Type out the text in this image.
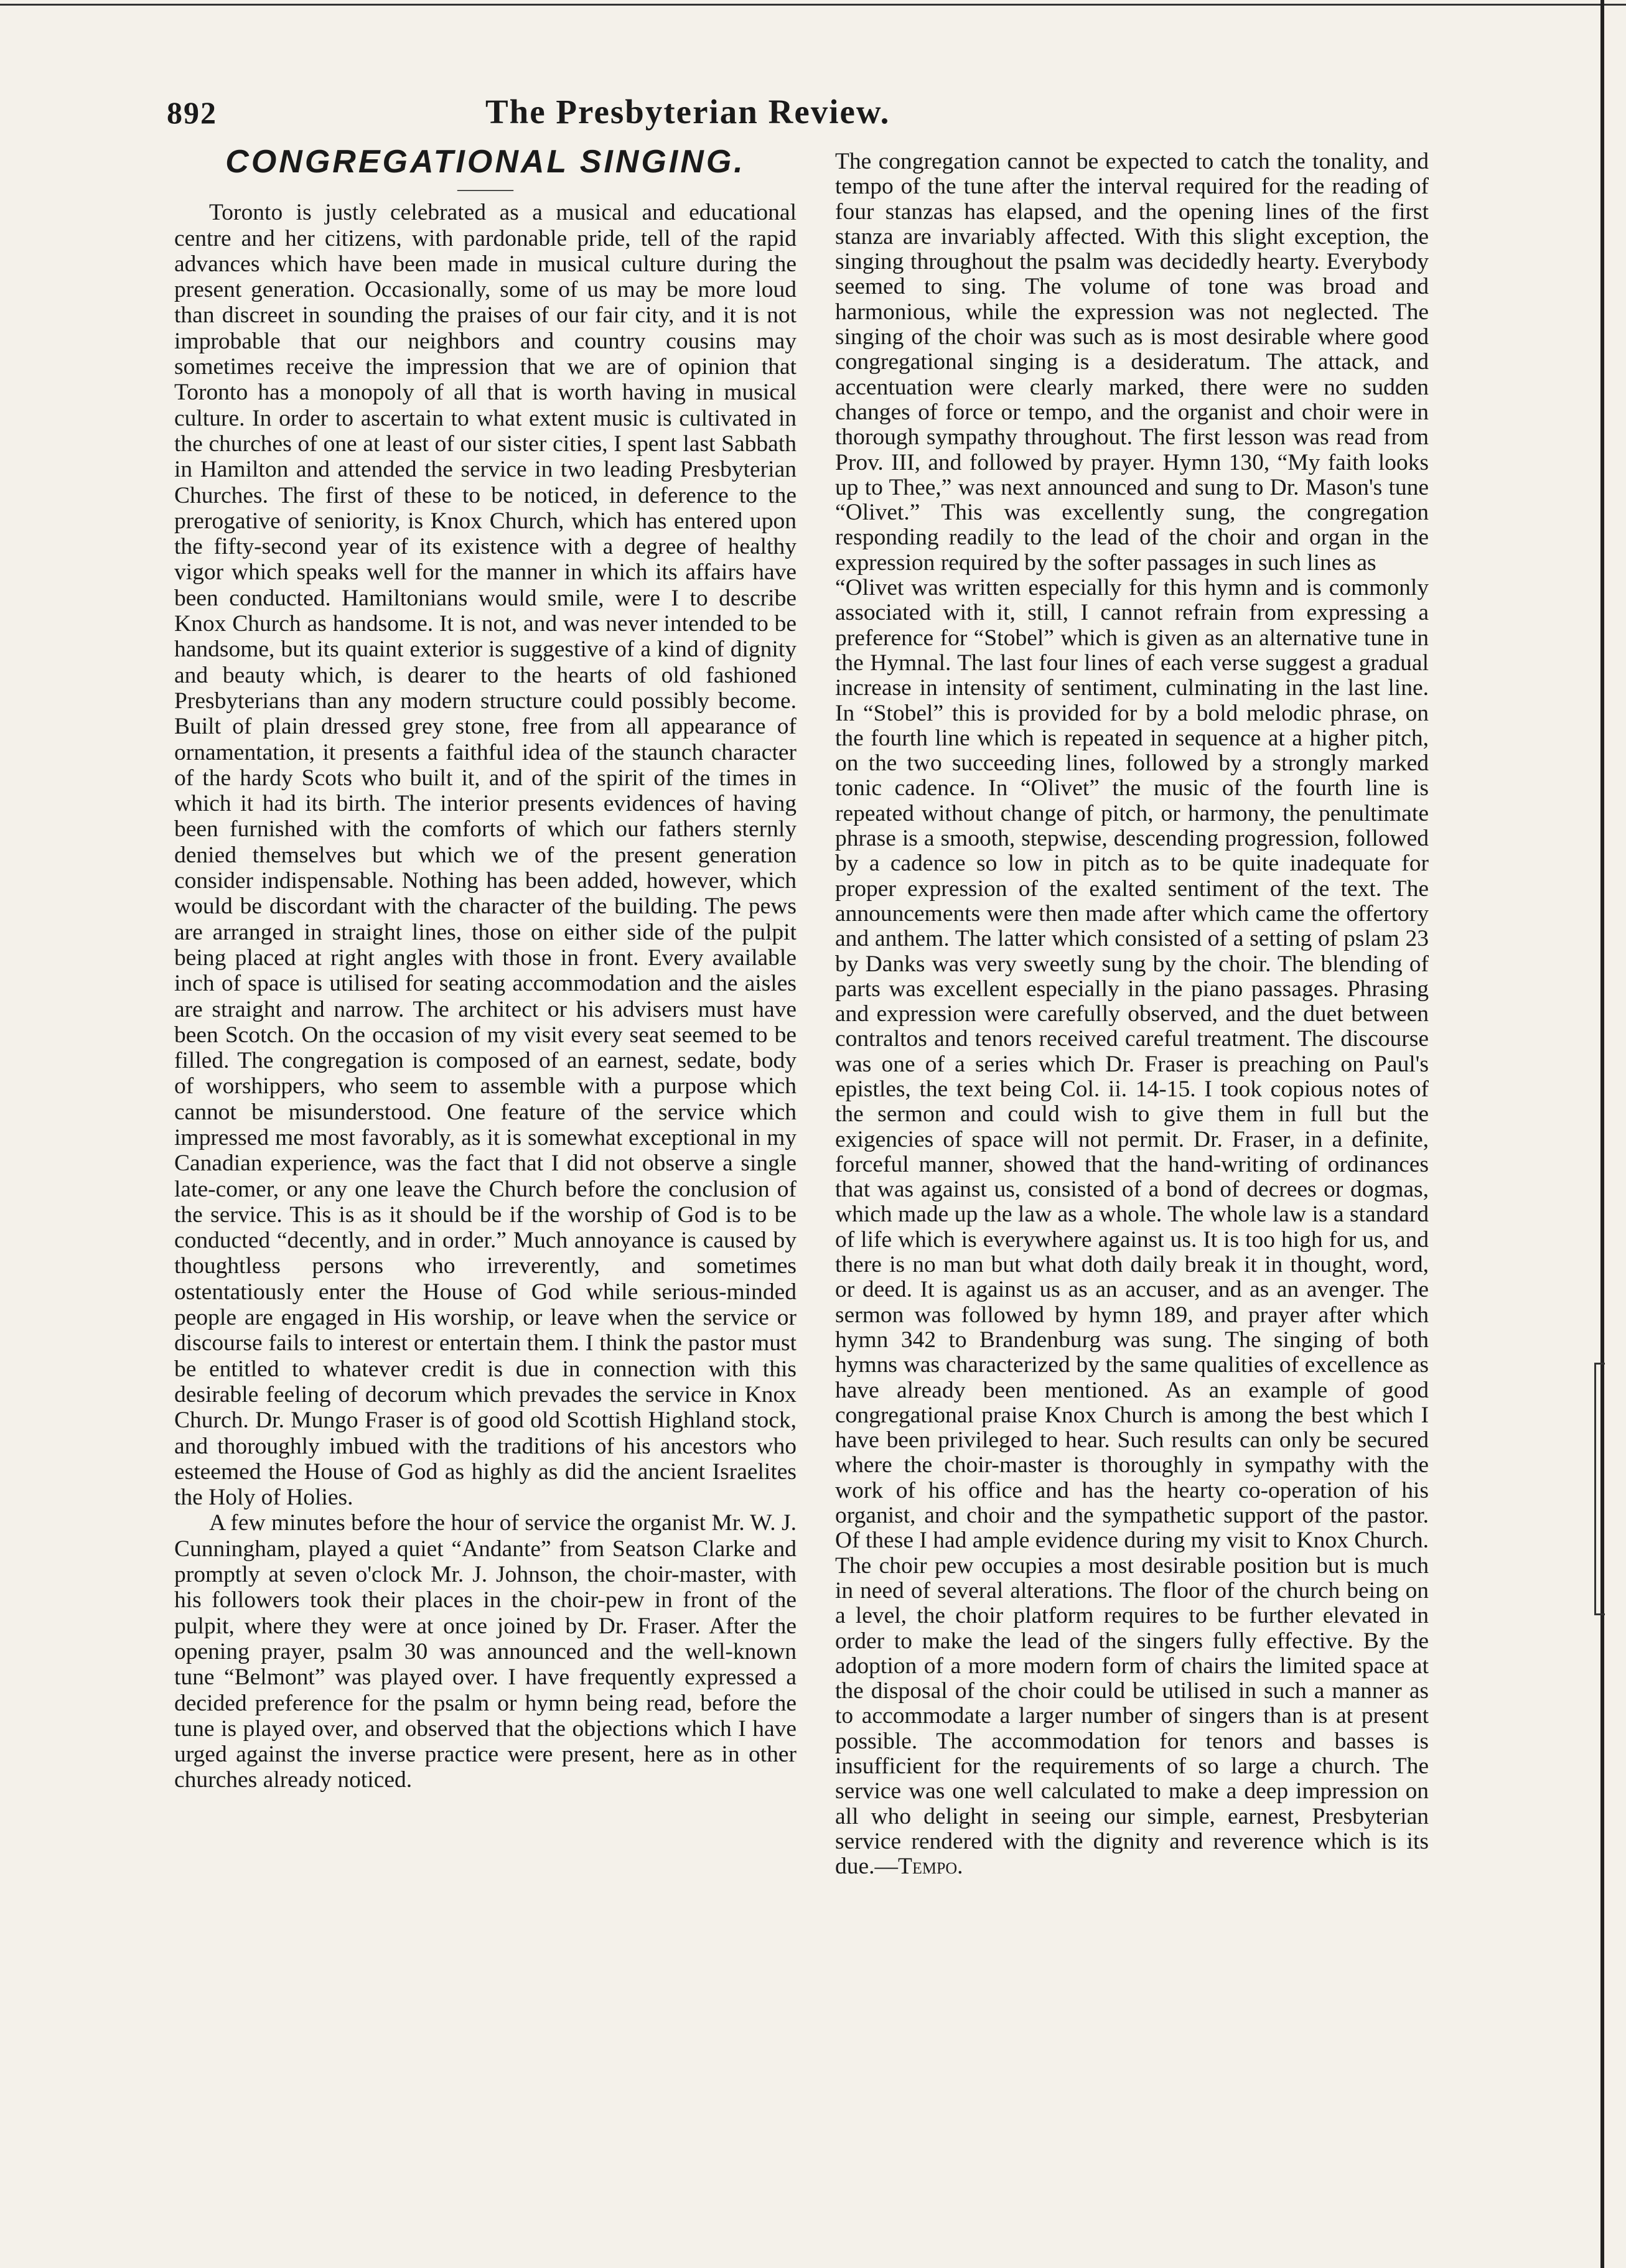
892	The Presbyterian Review.
CONGREGATIONAL SINGING.
———

Toronto is justly celebrated as a musical and educational centre and her citizens, with pardonable pride, tell of the rapid advances which have been made in musical culture during the present generation. Occasionally, some of us may be more loud than discreet in sounding the praises of our fair city, and it is not improbable that our neighbors and country cousins may sometimes receive the impression that we are of opinion that Toronto has a monopoly of all that is worth having in musical culture. In order to ascertain to what extent music is cultivated in the churches of one at least of our sister cities, I spent last Sabbath in Hamilton and attended the service in two leading Presbyterian Churches. The first of these to be noticed, in deference to the prerogative of seniority, is Knox Church, which has entered upon the fifty-second year of its existence with a degree of healthy vigor which speaks well for the manner in which its affairs have been conducted. Hamiltonians would smile, were I to describe Knox Church as handsome. It is not, and was never intended to be handsome, but its quaint exterior is suggestive of a kind of dignity and beauty which, is dearer to the hearts of old fashioned Presbyterians than any modern structure could possibly become. Built of plain dressed grey stone, free from all appearance of ornamentation, it presents a faithful idea of the staunch character of the hardy Scots who built it, and of the spirit of the times in which it had its birth. The interior presents evidences of having been furnished with the comforts of which our fathers sternly denied themselves but which we of the present generation consider indispensable. Nothing has been added, however, which would be discordant with the character of the building. The pews are arranged in straight lines, those on either side of the pulpit being placed at right angles with those in front. Every available inch of space is utilised for seating accommodation and the aisles are straight and narrow. The architect or his advisers must have been Scotch. On the occasion of my visit every seat seemed to be filled. The congregation is composed of an earnest, sedate, body of worshippers, who seem to assemble with a purpose which cannot be misunderstood. One feature of the service which impressed me most favorably, as it is somewhat exceptional in my Canadian experience, was the fact that I did not observe a single late-comer, or any one leave the Church before the conclusion of the service. This is as it should be if the worship of God is to be conducted “decently, and in order.” Much annoyance is caused by thoughtless persons who irreverently, and sometimes ostentatiously enter the House of God while serious-minded people are engaged in His worship, or leave when the service or discourse fails to interest or entertain them. I think the pastor must be entitled to whatever credit is due in connection with this desirable feeling of decorum which prevades the service in Knox Church. Dr. Mungo Fraser is of good old Scottish Highland stock, and thoroughly imbued with the traditions of his ancestors who esteemed the House of God as highly as did the ancient Israelites the Holy of Holies.

A few minutes before the hour of service the organist Mr. W. J. Cunningham, played a quiet “Andante” from Seatson Clarke and promptly at seven o'clock Mr. J. Johnson, the choir-master, with his followers took their places in the choir-pew in front of the pulpit, where they were at once joined by Dr. Fraser. After the opening prayer, psalm 30 was announced and the well-known tune “Belmont” was played over. I have frequently expressed a decided preference for the psalm or hymn being read, before the tune is played over, and observed that the objections which I have urged against the inverse practice were present, here as in other churches already noticed.

The congregation cannot be expected to catch the tonality, and tempo of the tune after the interval required for the reading of four stanzas has elapsed, and the opening lines of the first stanza are invariably affected. With this slight exception, the singing throughout the psalm was decidedly hearty. Everybody seemed to sing. The volume of tone was broad and harmonious, while the expression was not neglected. The singing of the choir was such as is most desirable where good congregational singing is a desideratum. The attack, and accentuation were clearly marked, there were no sudden changes of force or tempo, and the organist and choir were in thorough sympathy throughout. The first lesson was read from Prov. III, and followed by prayer. Hymn 130, “My faith looks up to Thee,” was next announced and sung to Dr. Mason's tune “Olivet.” This was excellently sung, the congregation responding readily to the lead of the choir and organ in the expression required by the softer passages in such lines as

“Olivet was written especially for this hymn and is commonly associated with it, still, I cannot refrain from expressing a preference for “Stobel” which is given as an alternative tune in the Hymnal. The last four lines of each verse suggest a gradual increase in intensity of sentiment, culminating in the last line. In “Stobel” this is provided for by a bold melodic phrase, on the fourth line which is repeated in sequence at a higher pitch, on the two succeeding lines, followed by a strongly marked tonic cadence. In “Olivet” the music of the fourth line is repeated without change of pitch, or harmony, the penultimate phrase is a smooth, stepwise, descending progression, followed by a cadence so low in pitch as to be quite inadequate for proper expression of the exalted sentiment of the text. The announcements were then made after which came the offertory and anthem. The latter which consisted of a setting of pslam 23 by Danks was very sweetly sung by the choir. The blending of parts was excellent especially in the piano passages. Phrasing and expression were carefully observed, and the duet between contraltos and tenors received careful treatment. The discourse was one of a series which Dr. Fraser is preaching on Paul's epistles, the text being Col. ii. 14-15. I took copious notes of the sermon and could wish to give them in full but the exigencies of space will not permit. Dr. Fraser, in a definite, forceful manner, showed that the hand-writing of ordinances that was against us, consisted of a bond of decrees or dogmas, which made up the law as a whole. The whole law is a standard of life which is everywhere against us. It is too high for us, and there is no man but what doth daily break it in thought, word, or deed. It is against us as an accuser, and as an avenger. The sermon was followed by hymn 189, and prayer after which hymn 342 to Brandenburg was sung. The singing of both hymns was characterized by the same qualities of excellence as have already been mentioned. As an example of good congregational praise Knox Church is among the best which I have been privileged to hear. Such results can only be secured where the choir-master is thoroughly in sympathy with the work of his office and has the hearty co-operation of his organist, and choir and the sympathetic support of the pastor. Of these I had ample evidence during my visit to Knox Church. The choir pew occupies a most desirable position but is much in need of several alterations. The floor of the church being on a level, the choir platform requires to be further elevated in order to make the lead of the singers fully effective. By the adoption of a more modern form of chairs the limited space at the disposal of the choir could be utilised in such a manner as to accommodate a larger number of singers than is at present possible. The accommodation for tenors and basses is insufficient for the requirements of so large a church. The service was one well calculated to make a deep impression on all who delight in seeing our simple, earnest, Presbyterian service rendered with the dignity and reverence which is its due.—Tempo.
